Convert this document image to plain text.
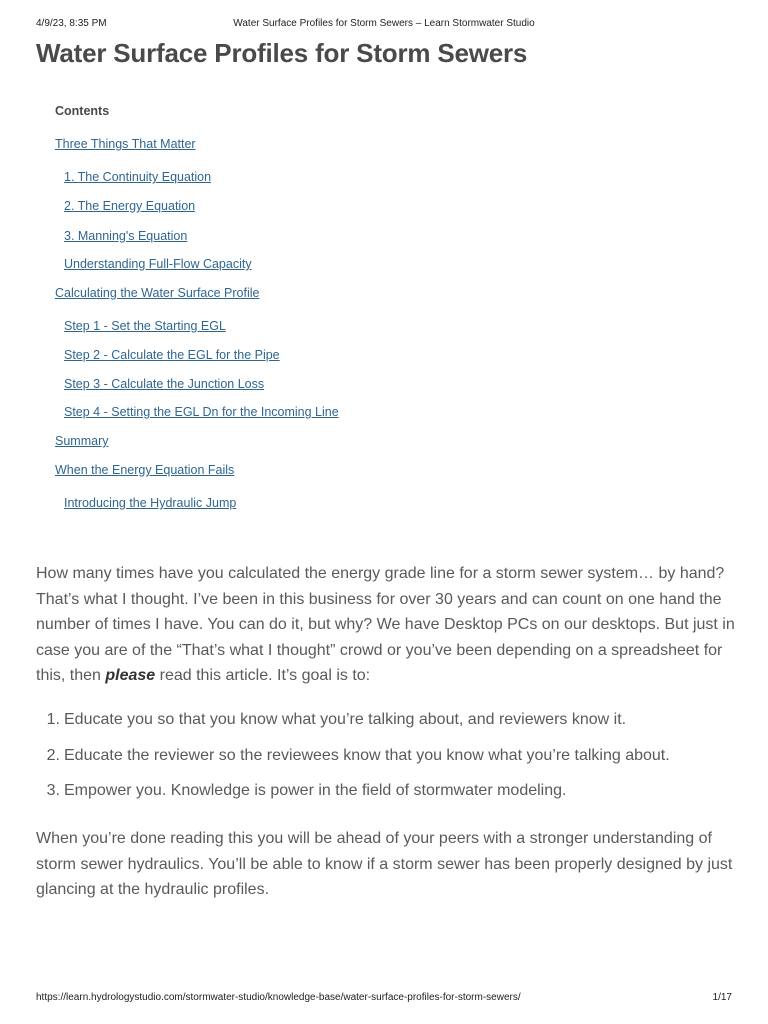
4/9/23, 8:35 PM	Water Surface Profiles for Storm Sewers – Learn Stormwater Studio
Water Surface Profiles for Storm Sewers
Contents
Three Things That Matter
1. The Continuity Equation
2. The Energy Equation
3. Manning's Equation
Understanding Full-Flow Capacity
Calculating the Water Surface Profile
Step 1 - Set the Starting EGL
Step 2 - Calculate the EGL for the Pipe
Step 3 - Calculate the Junction Loss
Step 4 - Setting the EGL Dn for the Incoming Line
Summary
When the Energy Equation Fails
Introducing the Hydraulic Jump
How many times have you calculated the energy grade line for a storm sewer system… by hand?
That’s what I thought. I’ve been in this business for over 30 years and can count on one hand the
number of times I have. You can do it, but why? We have Desktop PCs on our desktops. But just in
case you are of the “That’s what I thought” crowd or you’ve been depending on a spreadsheet for
this, then please read this article. It’s goal is to:
1. Educate you so that you know what you’re talking about, and reviewers know it.
2. Educate the reviewer so the reviewees know that you know what you’re talking about.
3. Empower you. Knowledge is power in the field of stormwater modeling.
When you’re done reading this you will be ahead of your peers with a stronger understanding of
storm sewer hydraulics. You’ll be able to know if a storm sewer has been properly designed by just
glancing at the hydraulic profiles.
https://learn.hydrologystudio.com/stormwater-studio/knowledge-base/water-surface-profiles-for-storm-sewers/	1/17
